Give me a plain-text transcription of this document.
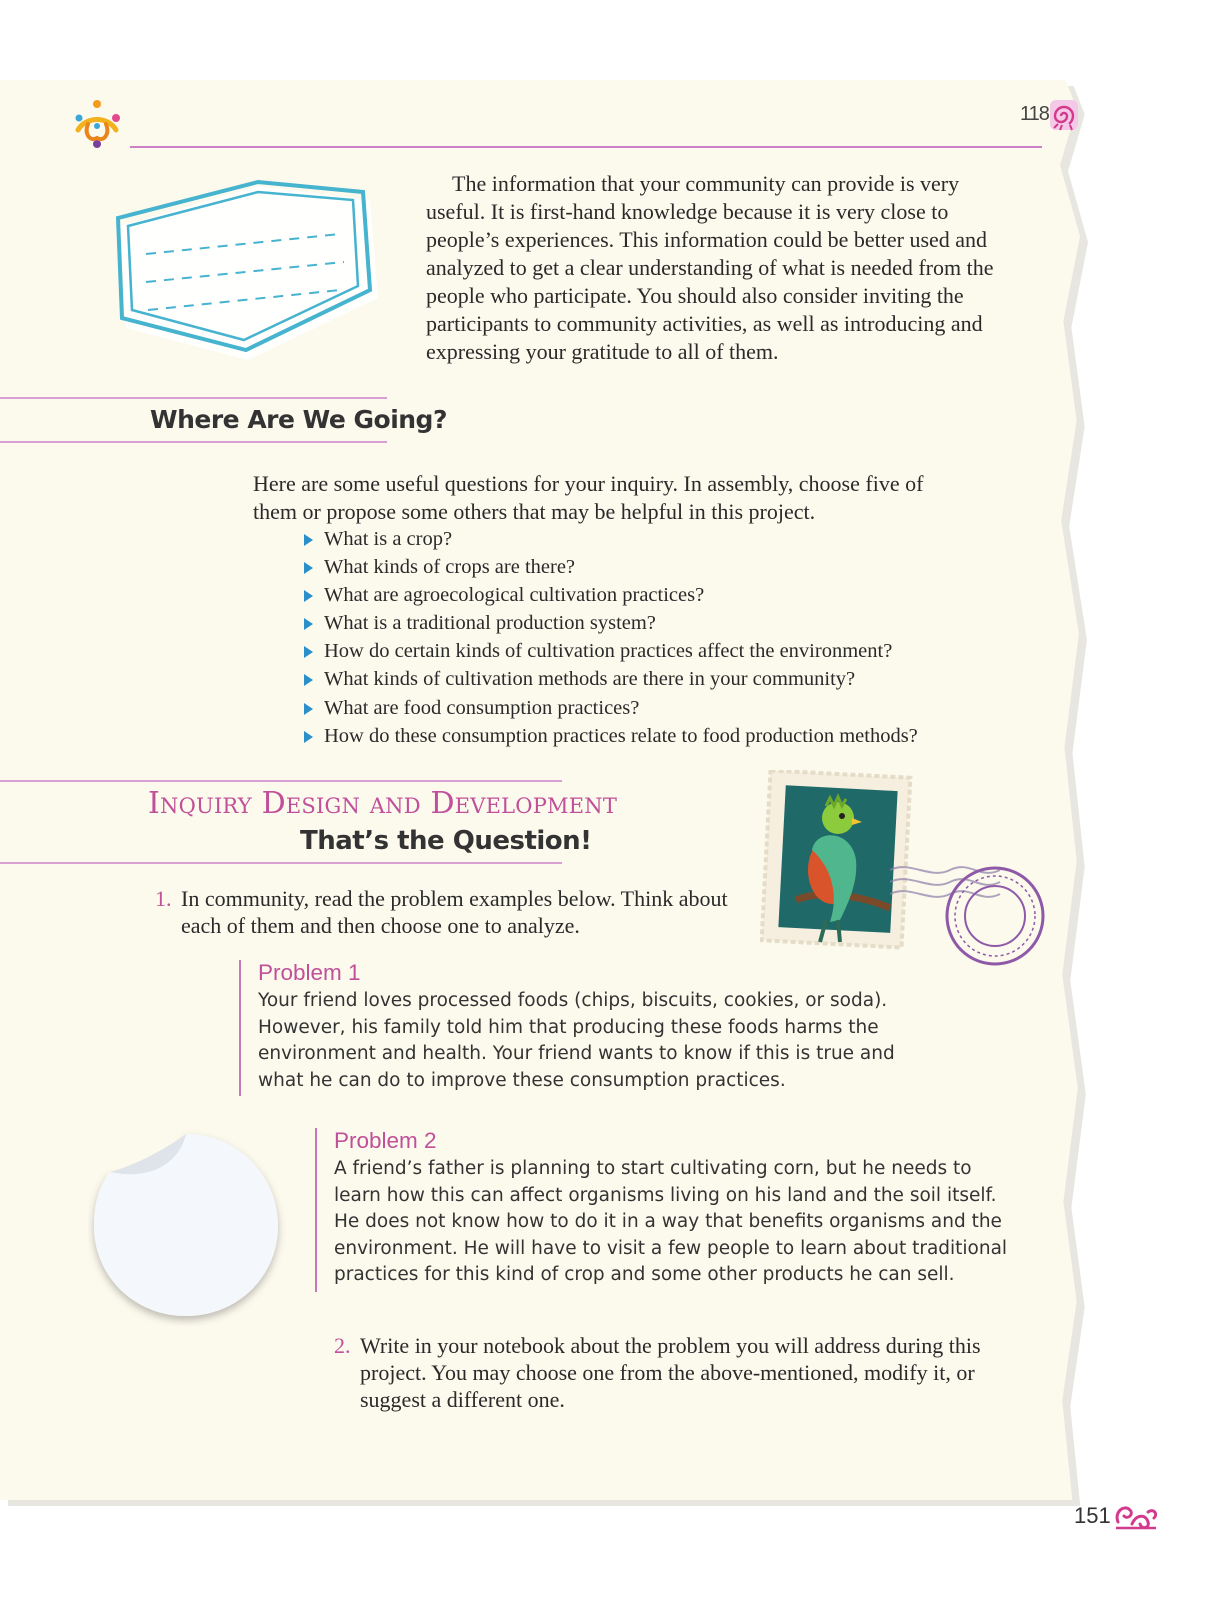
118

The information that your community can provide is very useful. It is first-hand knowledge because it is very close to people’s experiences. This information could be better used and analyzed to get a clear understanding of what is needed from the people who participate. You should also consider inviting the participants to community activities, as well as introducing and expressing your gratitude to all of them.

Where Are We Going?

Here are some useful questions for your inquiry. In assembly, choose five of them or propose some others that may be helpful in this project.

What is a crop?
What kinds of crops are there?
What are agroecological cultivation practices?
What is a traditional production system?
How do certain kinds of cultivation practices affect the environment?
What kinds of cultivation methods are there in your community?
What are food consumption practices?
How do these consumption practices relate to food production methods?
Inquiry Design and Development
That’s the Question!
1. In community, read the problem examples below. Think about each of them and then choose one to analyze.
Problem 1

Your friend loves processed foods (chips, biscuits, cookies, or soda). However, his family told him that producing these foods harms the environment and health. Your friend wants to know if this is true and what he can do to improve these consumption practices.

Problem 2

A friend’s father is planning to start cultivating corn, but he needs to learn how this can affect organisms living on his land and the soil itself. He does not know how to do it in a way that benefits organisms and the environment. He will have to visit a few people to learn about traditional practices for this kind of crop and some other products he can sell.

2. Write in your notebook about the problem you will address during this project. You may choose one from the above-mentioned, modify it, or suggest a different one.
151
